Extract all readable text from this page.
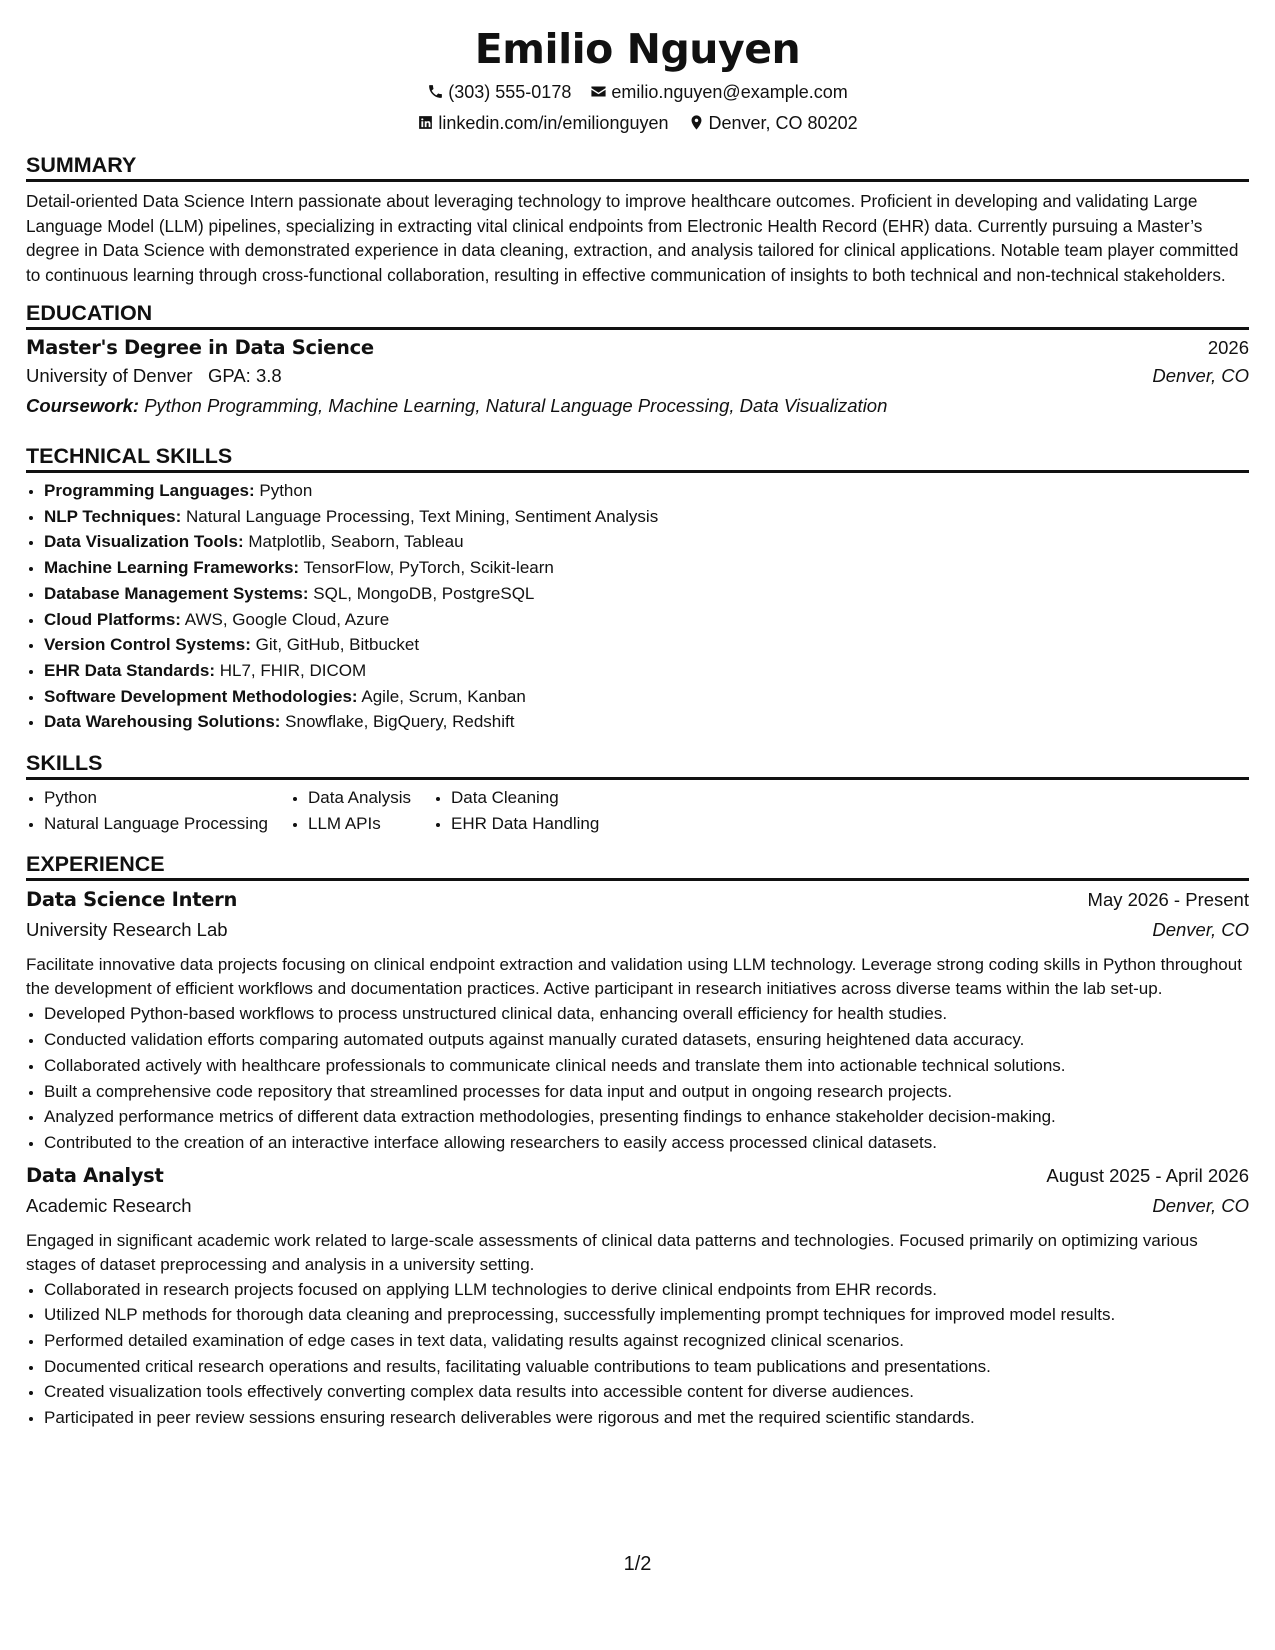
Emilio Nguyen
(303) 555-0178 emilio.nguyen@example.com
linkedin.com/in/emilionguyen Denver, CO 80202
SUMMARY

Detail-oriented Data Science Intern passionate about leveraging technology to improve healthcare outcomes. Proficient in developing and validating Large Language Model (LLM) pipelines, specializing in extracting vital clinical endpoints from Electronic Health Record (EHR) data. Currently pursuing a Master’s degree in Data Science with demonstrated experience in data cleaning, extraction, and analysis tailored for clinical applications. Notable team player committed to continuous learning through cross-functional collaboration, resulting in effective communication of insights to both technical and non-technical stakeholders.

EDUCATION
Master's Degree in Data Science	2026
University of Denver   GPA: 3.8	Denver, CO
Coursework: Python Programming, Machine Learning, Natural Language Processing, Data Visualization
TECHNICAL SKILLS
• Programming Languages: Python
• NLP Techniques: Natural Language Processing, Text Mining, Sentiment Analysis
• Data Visualization Tools: Matplotlib, Seaborn, Tableau
• Machine Learning Frameworks: TensorFlow, PyTorch, Scikit-learn
• Database Management Systems: SQL, MongoDB, PostgreSQL
• Cloud Platforms: AWS, Google Cloud, Azure
• Version Control Systems: Git, GitHub, Bitbucket
• EHR Data Standards: HL7, FHIR, DICOM
• Software Development Methodologies: Agile, Scrum, Kanban
• Data Warehousing Solutions: Snowflake, BigQuery, Redshift
SKILLS
• Python
• Natural Language Processing
• Data Analysis
• LLM APIs
• Data Cleaning
• EHR Data Handling
EXPERIENCE
Data Science Intern	May 2026 - Present
University Research Lab	Denver, CO

Facilitate innovative data projects focusing on clinical endpoint extraction and validation using LLM technology. Leverage strong coding skills in Python throughout the development of efficient workflows and documentation practices. Active participant in research initiatives across diverse teams within the lab set-up.

• Developed Python-based workflows to process unstructured clinical data, enhancing overall efficiency for health studies.
• Conducted validation efforts comparing automated outputs against manually curated datasets, ensuring heightened data accuracy.
• Collaborated actively with healthcare professionals to communicate clinical needs and translate them into actionable technical solutions.
• Built a comprehensive code repository that streamlined processes for data input and output in ongoing research projects.
• Analyzed performance metrics of different data extraction methodologies, presenting findings to enhance stakeholder decision-making.
• Contributed to the creation of an interactive interface allowing researchers to easily access processed clinical datasets.
Data Analyst	August 2025 - April 2026
Academic Research	Denver, CO

Engaged in significant academic work related to large-scale assessments of clinical data patterns and technologies. Focused primarily on optimizing various stages of dataset preprocessing and analysis in a university setting.

• Collaborated in research projects focused on applying LLM technologies to derive clinical endpoints from EHR records.
• Utilized NLP methods for thorough data cleaning and preprocessing, successfully implementing prompt techniques for improved model results.
• Performed detailed examination of edge cases in text data, validating results against recognized clinical scenarios.
• Documented critical research operations and results, facilitating valuable contributions to team publications and presentations.
• Created visualization tools effectively converting complex data results into accessible content for diverse audiences.
• Participated in peer review sessions ensuring research deliverables were rigorous and met the required scientific standards.
1/2
